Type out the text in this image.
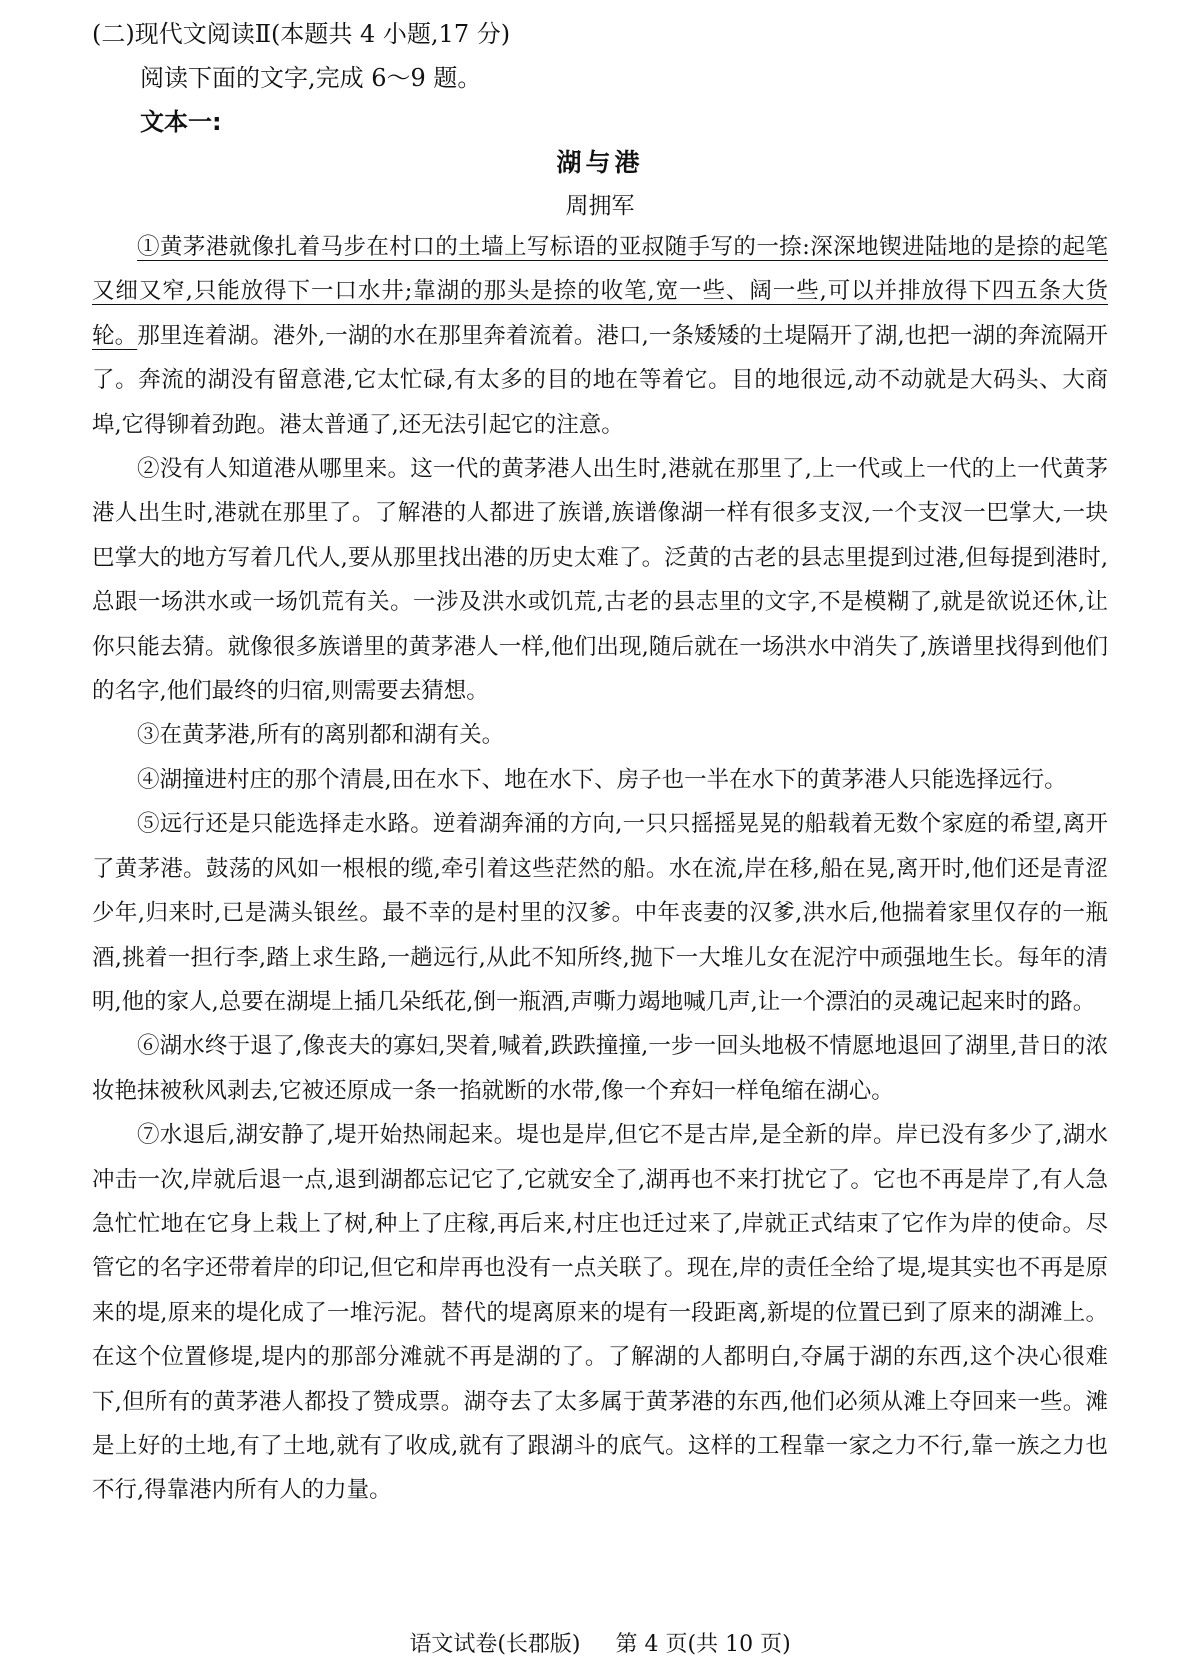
(二)现代文阅读Ⅱ(本题共 4 小题,17 分)
阅读下面的文字,完成 6～9 题。
文本一:
湖与港
周拥军

①黄茅港就像扎着马步在村口的土墙上写标语的亚叔随手写的一捺:深深地锲进陆地的是捺的起笔又细又窄,只能放得下一口水井;靠湖的那头是捺的收笔,宽一些、阔一些,可以并排放得下四五条大货轮。那里连着湖。港外,一湖的水在那里奔着流着。港口,一条矮矮的土堤隔开了湖,也把一湖的奔流隔开了。奔流的湖没有留意港,它太忙碌,有太多的目的地在等着它。目的地很远,动不动就是大码头、大商埠,它得铆着劲跑。港太普通了,还无法引起它的注意。

②没有人知道港从哪里来。这一代的黄茅港人出生时,港就在那里了,上一代或上一代的上一代黄茅港人出生时,港就在那里了。了解港的人都进了族谱,族谱像湖一样有很多支汊,一个支汊一巴掌大,一块巴掌大的地方写着几代人,要从那里找出港的历史太难了。泛黄的古老的县志里提到过港,但每提到港时,总跟一场洪水或一场饥荒有关。一涉及洪水或饥荒,古老的县志里的文字,不是模糊了,就是欲说还休,让你只能去猜。就像很多族谱里的黄茅港人一样,他们出现,随后就在一场洪水中消失了,族谱里找得到他们的名字,他们最终的归宿,则需要去猜想。

③在黄茅港,所有的离别都和湖有关。

④湖撞进村庄的那个清晨,田在水下、地在水下、房子也一半在水下的黄茅港人只能选择远行。

⑤远行还是只能选择走水路。逆着湖奔涌的方向,一只只摇摇晃晃的船载着无数个家庭的希望,离开了黄茅港。鼓荡的风如一根根的缆,牵引着这些茫然的船。水在流,岸在移,船在晃,离开时,他们还是青涩少年,归来时,已是满头银丝。最不幸的是村里的汉爹。中年丧妻的汉爹,洪水后,他揣着家里仅存的一瓶酒,挑着一担行李,踏上求生路,一趟远行,从此不知所终,抛下一大堆儿女在泥泞中顽强地生长。每年的清明,他的家人,总要在湖堤上插几朵纸花,倒一瓶酒,声嘶力竭地喊几声,让一个漂泊的灵魂记起来时的路。

⑥湖水终于退了,像丧夫的寡妇,哭着,喊着,跌跌撞撞,一步一回头地极不情愿地退回了湖里,昔日的浓妆艳抹被秋风剥去,它被还原成一条一掐就断的水带,像一个弃妇一样龟缩在湖心。

⑦水退后,湖安静了,堤开始热闹起来。堤也是岸,但它不是古岸,是全新的岸。岸已没有多少了,湖水冲击一次,岸就后退一点,退到湖都忘记它了,它就安全了,湖再也不来打扰它了。它也不再是岸了,有人急急忙忙地在它身上栽上了树,种上了庄稼,再后来,村庄也迁过来了,岸就正式结束了它作为岸的使命。尽管它的名字还带着岸的印记,但它和岸再也没有一点关联了。现在,岸的责任全给了堤,堤其实也不再是原来的堤,原来的堤化成了一堆污泥。替代的堤离原来的堤有一段距离,新堤的位置已到了原来的湖滩上。在这个位置修堤,堤内的那部分滩就不再是湖的了。了解湖的人都明白,夺属于湖的东西,这个决心很难下,但所有的黄茅港人都投了赞成票。湖夺去了太多属于黄茅港的东西,他们必须从滩上夺回来一些。滩是上好的土地,有了土地,就有了收成,就有了跟湖斗的底气。这样的工程靠一家之力不行,靠一族之力也不行,得靠港内所有人的力量。

语文试卷(长郡版) 第 4 页(共 10 页)
